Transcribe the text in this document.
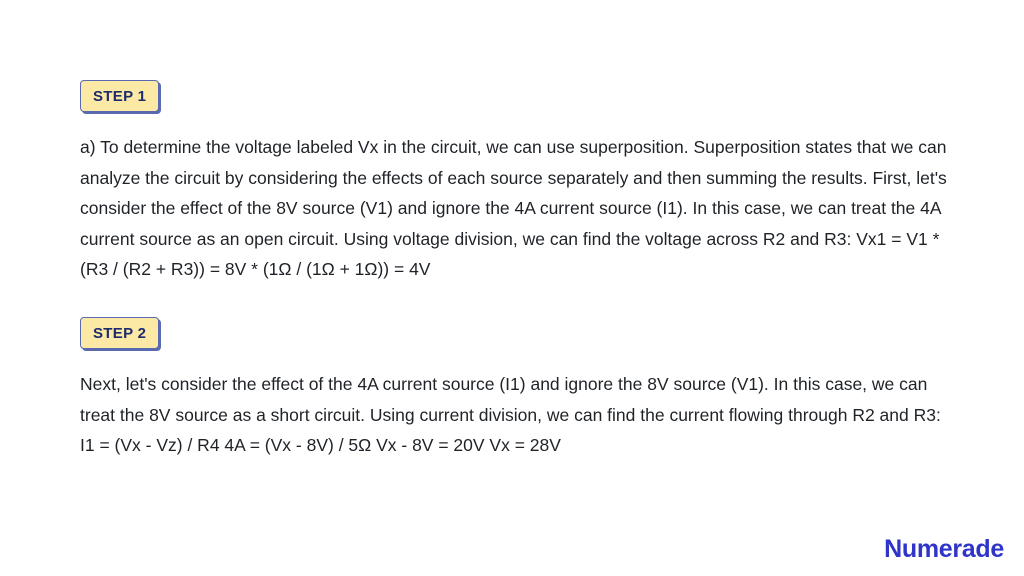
STEP 1

a) To determine the voltage labeled Vx in the circuit, we can use superposition. Superposition states that we can analyze the circuit by considering the effects of each source separately and then summing the results. First, let's consider the effect of the 8V source (V1) and ignore the 4A current source (I1). In this case, we can treat the 4A current source as an open circuit. Using voltage division, we can find the voltage across R2 and R3: Vx1 = V1 * (R3 / (R2 + R3)) = 8V * (1Ω / (1Ω + 1Ω)) = 4V

STEP 2

Next, let's consider the effect of the 4A current source (I1) and ignore the 8V source (V1). In this case, we can treat the 8V source as a short circuit. Using current division, we can find the current flowing through R2 and R3: I1 = (Vx - Vz) / R4 4A = (Vx - 8V) / 5Ω Vx - 8V = 20V Vx = 28V

Numerade
